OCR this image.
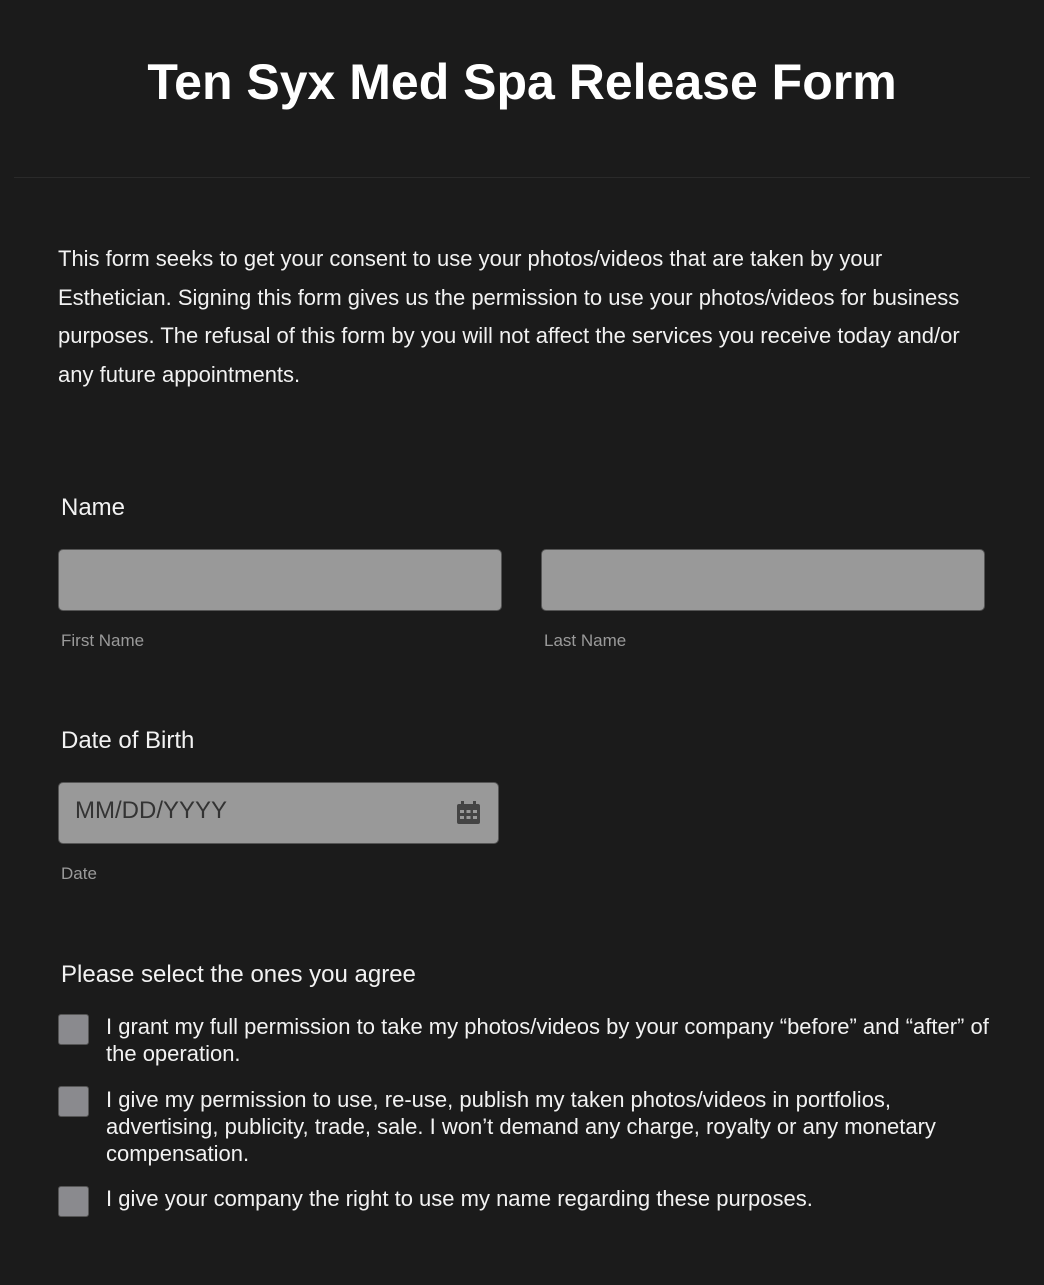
Ten Syx Med Spa Release Form

This form seeks to get your consent to use your photos/videos that are taken by your Esthetician. Signing this form gives us the permission to use your photos/videos for business purposes. The refusal of this form by you will not affect the services you receive today and/or any future appointments.

Name
First Name	Last Name
Date of Birth
MM/DD/YYYY
Date
Please select the ones you agree
I grant my full permission to take my photos/videos by your company “before” and “after” of the operation.
I give my permission to use, re-use, publish my taken photos/videos in portfolios, advertising, publicity, trade, sale. I won’t demand any charge, royalty or any monetary compensation.
I give your company the right to use my name regarding these purposes.
